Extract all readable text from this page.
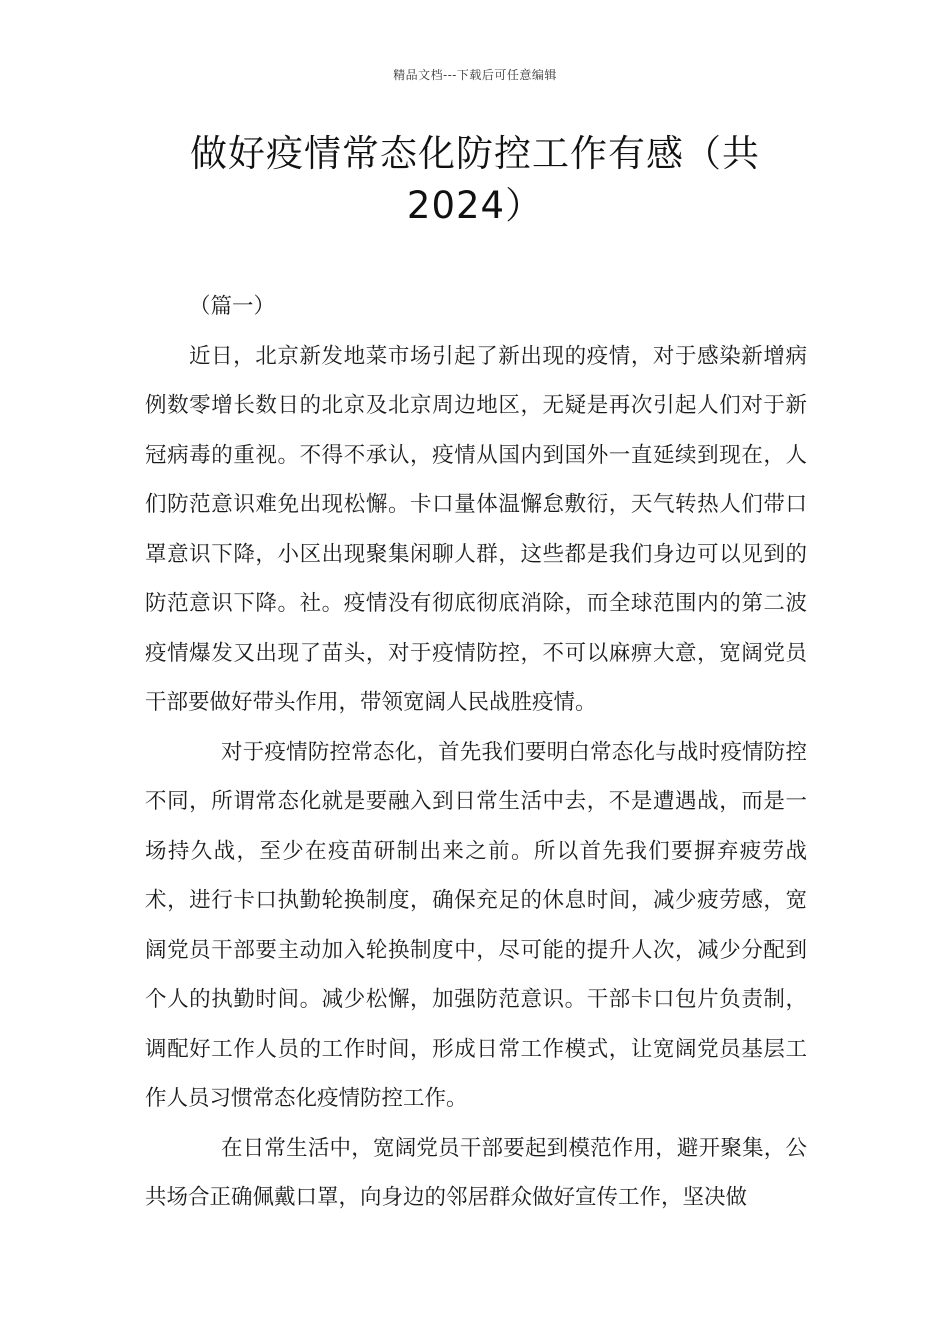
精品文档---下载后可任意编辑
做好疫情常态化防控工作有感（共
2024）

（篇一）

近日，北京新发地菜市场引起了新出现的疫情，对于感染新增病例数零增长数日的北京及北京周边地区，无疑是再次引起人们对于新冠病毒的重视。不得不承认，疫情从国内到国外一直延续到现在，人们防范意识难免出现松懈。卡口量体温懈怠敷衍，天气转热人们带口罩意识下降，小区出现聚集闲聊人群，这些都是我们身边可以见到的防范意识下降。社。疫情没有彻底彻底消除，而全球范围内的第二波疫情爆发又出现了苗头，对于疫情防控，不可以麻痹大意，宽阔党员干部要做好带头作用，带领宽阔人民战胜疫情。

对于疫情防控常态化，首先我们要明白常态化与战时疫情防控不同，所谓常态化就是要融入到日常生活中去，不是遭遇战，而是一场持久战，至少在疫苗研制出来之前。所以首先我们要摒弃疲劳战术，进行卡口执勤轮换制度，确保充足的休息时间，减少疲劳感，宽阔党员干部要主动加入轮换制度中，尽可能的提升人次，减少分配到个人的执勤时间。减少松懈，加强防范意识。干部卡口包片负责制，调配好工作人员的工作时间，形成日常工作模式，让宽阔党员基层工作人员习惯常态化疫情防控工作。

在日常生活中，宽阔党员干部要起到模范作用，避开聚集，公共场合正确佩戴口罩，向身边的邻居群众做好宣传工作，坚决做
